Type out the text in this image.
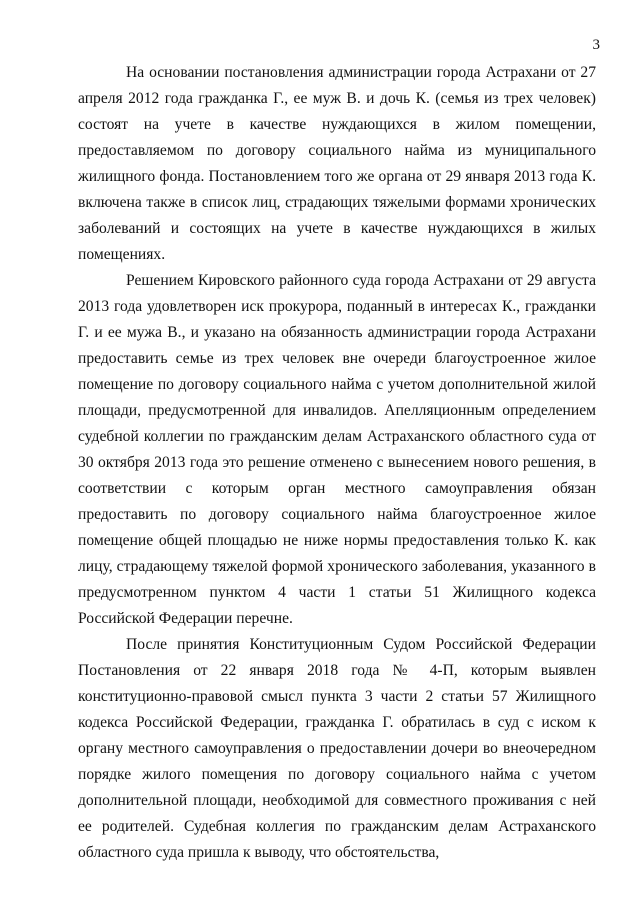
3

На основании постановления администрации города Астрахани от 27 апреля 2012 года гражданка Г., ее муж В. и дочь К. (семья из трех человек) состоят на учете в качестве нуждающихся в жилом помещении, предоставляемом по договору социального найма из муниципального жилищного фонда. Постановлением того же органа от 29 января 2013 года К. включена также в список лиц, страдающих тяжелыми формами хронических заболеваний и состоящих на учете в качестве нуждающихся в жилых помещениях.

Решением Кировского районного суда города Астрахани от 29 августа 2013 года удовлетворен иск прокурора, поданный в интересах К., гражданки Г. и ее мужа В., и указано на обязанность администрации города Астрахани предоставить семье из трех человек вне очереди благоустроенное жилое помещение по договору социального найма с учетом дополнительной жилой площади, предусмотренной для инвалидов. Апелляционным определением судебной коллегии по гражданским делам Астраханского областного суда от 30 октября 2013 года это решение отменено с вынесением нового решения, в соответствии с которым орган местного самоуправления обязан предоставить по договору социального найма благоустроенное жилое помещение общей площадью не ниже нормы предоставления только К. как лицу, страдающему тяжелой формой хронического заболевания, указанного в предусмотренном пунктом 4 части 1 статьи 51 Жилищного кодекса Российской Федерации перечне.

После принятия Конституционным Судом Российской Федерации Постановления от 22 января 2018 года № 4-П, которым выявлен конституционно-правовой смысл пункта 3 части 2 статьи 57 Жилищного кодекса Российской Федерации, гражданка Г. обратилась в суд с иском к органу местного самоуправления о предоставлении дочери во внеочередном порядке жилого помещения по договору социального найма с учетом дополнительной площади, необходимой для совместного проживания с ней ее родителей. Судебная коллегия по гражданским делам Астраханского областного суда пришла к выводу, что обстоятельства,
